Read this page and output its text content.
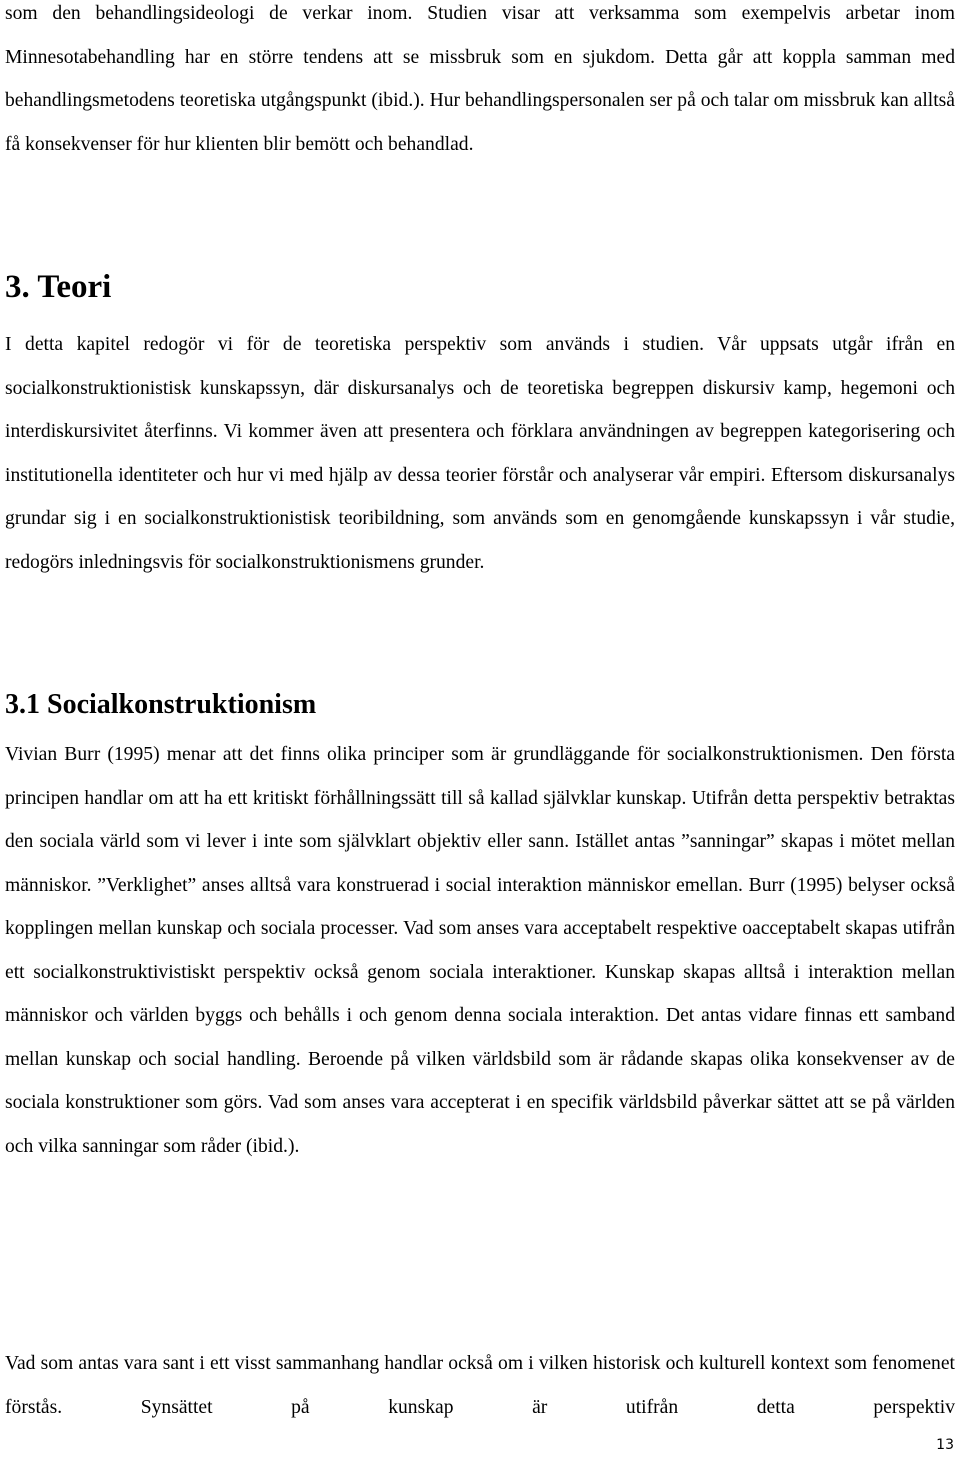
som den behandlingsideologi de verkar inom. Studien visar att verksamma som exempelvis arbetar inom Minnesotabehandling har en större tendens att se missbruk som en sjukdom. Detta går att koppla samman med behandlingsmetodens teoretiska utgångspunkt (ibid.). Hur behandlingspersonalen ser på och talar om missbruk kan alltså få konsekvenser för hur klienten blir bemött och behandlad.

3. Teori

I detta kapitel redogör vi för de teoretiska perspektiv som används i studien. Vår uppsats utgår ifrån en socialkonstruktionistisk kunskapssyn, där diskursanalys och de teoretiska begreppen diskursiv kamp, hegemoni och interdiskursivitet återfinns. Vi kommer även att presentera och förklara användningen av begreppen kategorisering och institutionella identiteter och hur vi med hjälp av dessa teorier förstår och analyserar vår empiri. Eftersom diskursanalys grundar sig i en socialkonstruktionistisk teoribildning, som används som en genomgående kunskapssyn i vår studie, redogörs inledningsvis för socialkonstruktionismens grunder.

3.1 Socialkonstruktionism

Vivian Burr (1995) menar att det finns olika principer som är grundläggande för socialkonstruktionismen. Den första principen handlar om att ha ett kritiskt förhållningssätt till så kallad självklar kunskap. Utifrån detta perspektiv betraktas den sociala värld som vi lever i inte som självklart objektiv eller sann. Istället antas ”sanningar” skapas i mötet mellan människor. ”Verklighet” anses alltså vara konstruerad i social interaktion människor emellan. Burr (1995) belyser också kopplingen mellan kunskap och sociala processer. Vad som anses vara acceptabelt respektive oacceptabelt skapas utifrån ett socialkonstruktivistiskt perspektiv också genom sociala interaktioner. Kunskap skapas alltså i interaktion mellan människor och världen byggs och behålls i och genom denna sociala interaktion. Det antas vidare finnas ett samband mellan kunskap och social handling. Beroende på vilken världsbild som är rådande skapas olika konsekvenser av de sociala konstruktioner som görs. Vad som anses vara accepterat i en specifik världsbild påverkar sättet att se på världen och vilka sanningar som råder (ibid.).

Vad som antas vara sant i ett visst sammanhang handlar också om i vilken historisk och kulturell kontext som fenomenet förstås. Synsättet på kunskap är utifrån detta perspektiv

13
